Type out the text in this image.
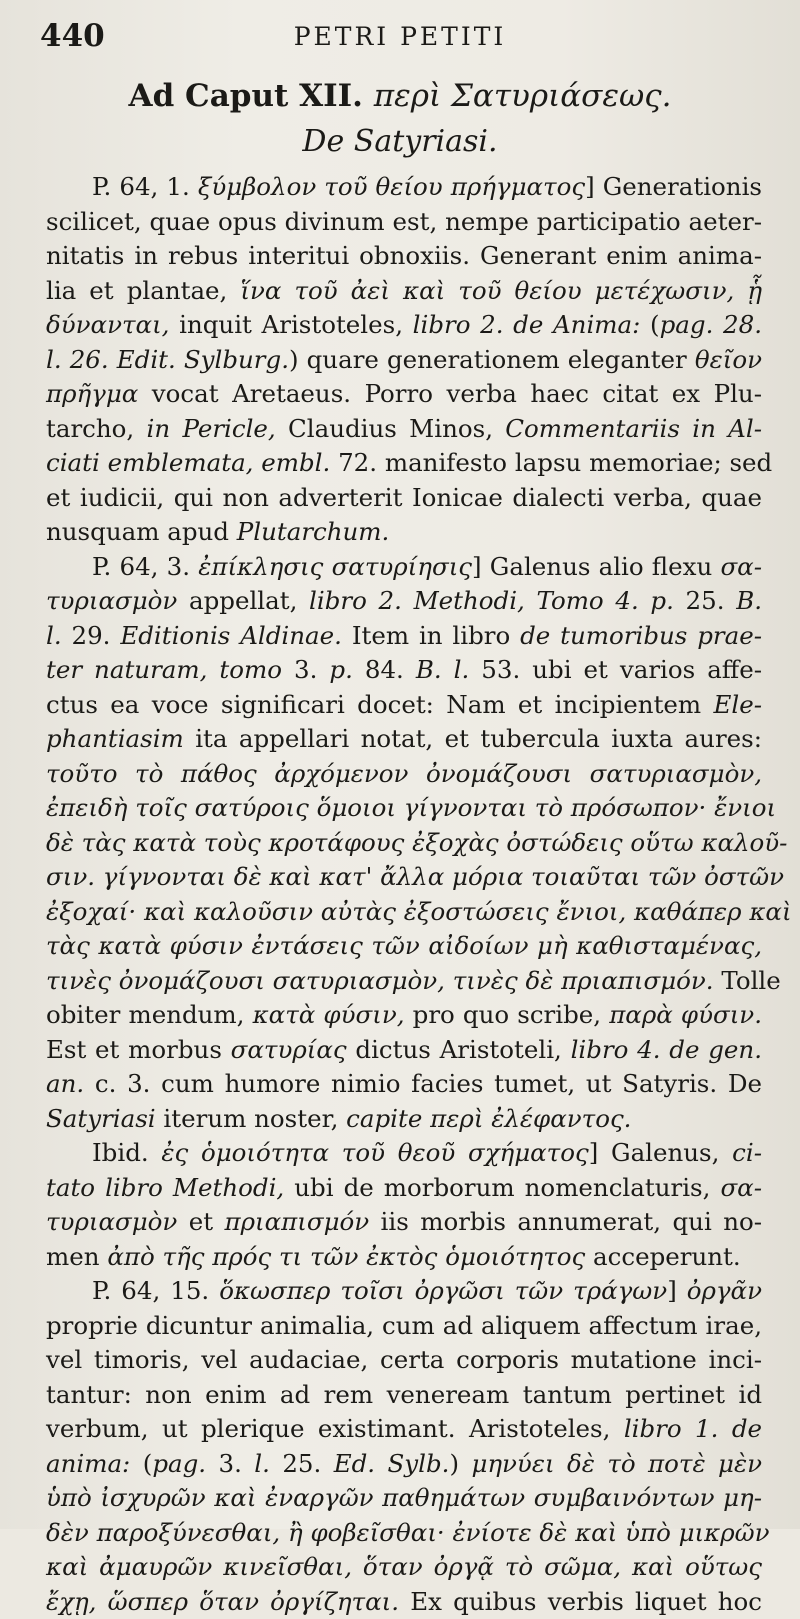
440	PETRI PETITI
Ad Caput XII. περὶ Σατυριάσεως.
De Satyriasi.
P. 64, 1. ξύμβολον τοῦ θείου πρήγματος] Generationis
scilicet, quae opus divinum est, nempe participatio aeter-
nitatis in rebus interitui obnoxiis. Generant enim anima-
lia et plantae, ἵνα τοῦ ἀεὶ καὶ τοῦ θείου μετέχωσιν, ᾗ
δύνανται, inquit Aristoteles, libro 2. de Anima: (pag. 28.
l. 26. Edit. Sylburg.) quare generationem eleganter θεῖον
πρῆγμα vocat Aretaeus. Porro verba haec citat ex Plu-
tarcho, in Pericle, Claudius Minos, Commentariis in Al-
ciati emblemata, embl. 72. manifesto lapsu memoriae; sed
et iudicii, qui non adverterit Ionicae dialecti verba, quae
nusquam apud Plutarchum.
P. 64, 3. ἐπίκλησις σατυρίησις] Galenus alio flexu σα-
τυριασμὸν appellat, libro 2. Methodi, Tomo 4. p. 25. B.
l. 29. Editionis Aldinae. Item in libro de tumoribus prae-
ter naturam, tomo 3. p. 84. B. l. 53. ubi et varios affe-
ctus ea voce significari docet: Nam et incipientem Ele-
phantiasim ita appellari notat, et tubercula iuxta aures:
τοῦτο τὸ πάθος ἀρχόμενον ὀνομάζουσι σατυριασμὸν,
ἐπειδὴ τοῖς σατύροις ὅμοιοι γίγνονται τὸ πρόσωπον· ἔνιοι
δὲ τὰς κατὰ τοὺς κροτάφους ἐξοχὰς ὀστώδεις οὕτω καλοῦ-
σιν. γίγνονται δὲ καὶ κατ' ἄλλα μόρια τοιαῦται τῶν ὀστῶν
ἐξοχαί· καὶ καλοῦσιν αὐτὰς ἐξοστώσεις ἔνιοι, καθάπερ καὶ
τὰς κατὰ φύσιν ἐντάσεις τῶν αἰδοίων μὴ καθισταμένας,
τινὲς ὀνομάζουσι σατυριασμὸν, τινὲς δὲ πριαπισμόν. Tolle
obiter mendum, κατὰ φύσιν, pro quo scribe, παρὰ φύσιν.
Est et morbus σατυρίας dictus Aristoteli, libro 4. de gen.
an. c. 3. cum humore nimio facies tumet, ut Satyris. De
Satyriasi iterum noster, capite περὶ ἐλέφαντος.
Ibid. ἐς ὁμοιότητα τοῦ θεοῦ σχήματος] Galenus, ci-
tato libro Methodi, ubi de morborum nomenclaturis, σα-
τυριασμὸν et πριαπισμόν iis morbis annumerat, qui no-
men ἀπὸ τῆς πρός τι τῶν ἐκτὸς ὁμοιότητος acceperunt.
P. 64, 15. ὅκωσπερ τοῖσι ὀργῶσι τῶν τράγων] ὀργᾶν
proprie dicuntur animalia, cum ad aliquem affectum irae,
vel timoris, vel audaciae, certa corporis mutatione inci-
tantur: non enim ad rem veneream tantum pertinet id
verbum, ut plerique existimant. Aristoteles, libro 1. de
anima: (pag. 3. l. 25. Ed. Sylb.) μηνύει δὲ τὸ ποτὲ μὲν
ὑπὸ ἰσχυρῶν καὶ ἐναργῶν παθημάτων συμβαινόντων μη-
δὲν παροξύνεσθαι, ἢ φοβεῖσθαι· ἐνίοτε δὲ καὶ ὑπὸ μικρῶν
καὶ ἀμαυρῶν κινεῖσθαι, ὅταν ὀργᾷ τὸ σῶμα, καὶ οὕτως
ἔχῃ, ὥσπερ ὅταν ὀργίζηται. Ex quibus verbis liquet hoc
